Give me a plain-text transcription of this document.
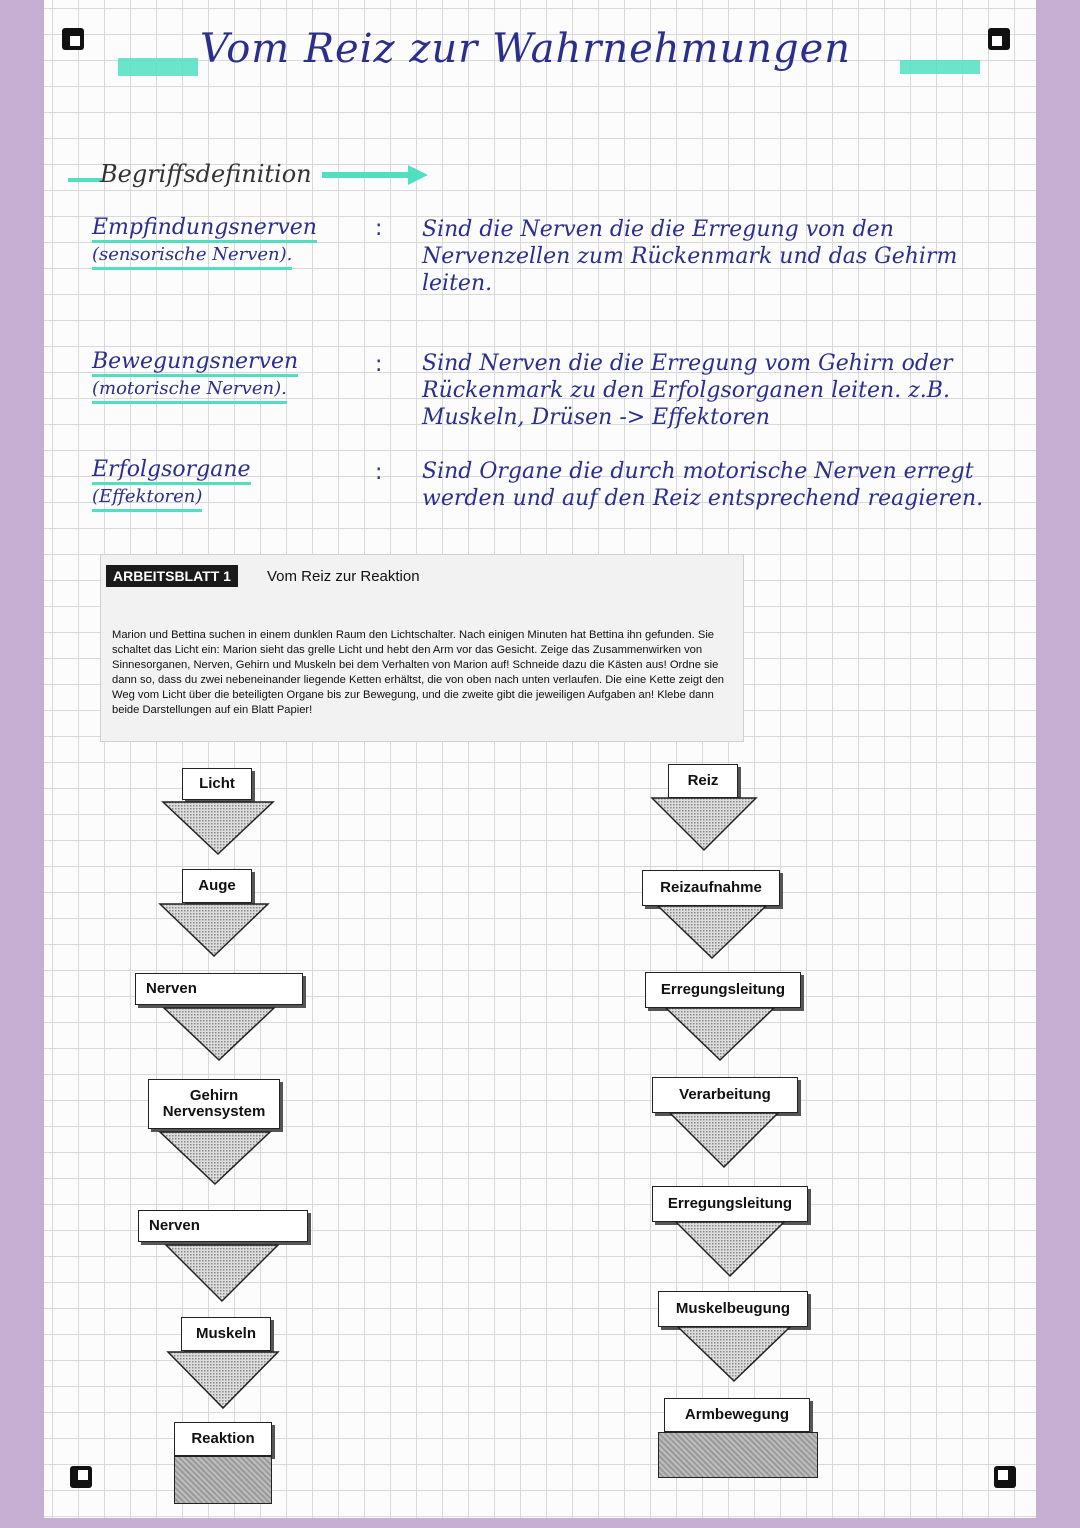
Vom Reiz zur Wahrnehmungen
Begriffsdefinition
Empfindungsnerven
(sensorische Nerven).
: Sind die Nerven die die Erregung von den Nervenzellen zum Rückenmark und das Gehirm leiten.
Bewegungsnerven
(motorische Nerven).
: Sind Nerven die die Erregung vom Gehirn oder Rückenmark zu den Erfolgsorganen leiten. z.B. Muskeln, Drüsen -> Effektoren
Erfolgsorgane
(Effektoren)
: Sind Organe die durch motorische Nerven erregt werden und auf den Reiz entsprechend reagieren.
ARBEITSBLATT 1	Vom Reiz zur Reaktion
Marion und Bettina suchen in einem dunklen Raum den Lichtschalter. Nach einigen Minuten hat Bettina ihn gefunden. Sie schaltet das Licht ein: Marion sieht das grelle Licht und hebt den Arm vor das Gesicht. Zeige das Zusammenwirken von Sinnesorganen, Nerven, Gehirn und Muskeln bei dem Verhalten von Marion auf! Schneide dazu die Kästen aus! Ordne sie dann so, dass du zwei nebeneinander liegende Ketten erhältst, die von oben nach unten verlaufen. Die eine Kette zeigt den Weg vom Licht über die beteiligten Organe bis zur Bewegung, und die zweite gibt die jeweiligen Aufgaben an! Klebe dann beide Darstellungen auf ein Blatt Papier!
Licht
Auge
Nerven
Gehirn Nervensystem
Nerven
Muskeln
Reaktion
Reiz
Reizaufnahme
Erregungsleitung
Verarbeitung
Erregungsleitung
Muskelbeugung
Armbewegung
